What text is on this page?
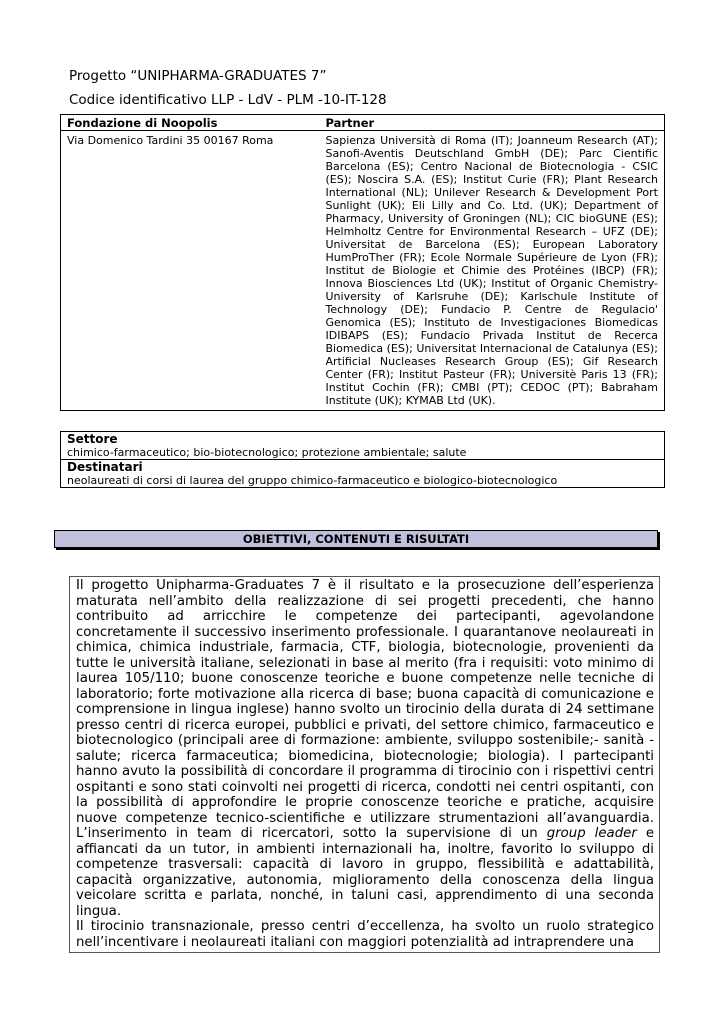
Progetto “UNIPHARMA-GRADUATES 7”
Codice identificativo LLP - LdV - PLM -10-IT-128
Fondazione di Noopolis	Partner
Via Domenico Tardini 35 00167 Roma	Sapienza Università di Roma (IT); Joanneum Research (AT); Sanofi-Aventis Deutschland GmbH (DE); Parc Cientific Barcelona (ES); Centro Nacional de Biotecnologia - CSIC (ES); Noscira S.A. (ES); Institut Curie (FR); Plant Research International (NL); Unilever Research & Development Port Sunlight (UK); Eli Lilly and Co. Ltd. (UK); Department of Pharmacy, University of Groningen (NL); CIC bioGUNE (ES); Helmholtz Centre for Environmental Research – UFZ (DE); Universitat de Barcelona (ES); European Laboratory HumProTher (FR); Ecole Normale Supérieure de Lyon (FR); Institut de Biologie et Chimie des Protéines (IBCP) (FR); Innova Biosciences Ltd (UK); Institut of Organic Chemistry-University of Karlsruhe (DE); Karlschule Institute of Technology (DE); Fundacio P. Centre de Regulacio' Genomica (ES); Instituto de Investigaciones Biomedicas IDIBAPS (ES); Fundacio Privada Institut de Recerca Biomedica (ES); Universitat Internacional de Catalunya (ES); Artificial Nucleases Research Group (ES); Gif Research Center (FR); Institut Pasteur (FR); Universitè Paris 13 (FR); Institut Cochin (FR); CMBI (PT); CEDOC (PT); Babraham Institute (UK); KYMAB Ltd (UK).
Settore
chimico-farmaceutico; bio-biotecnologico; protezione ambientale; salute
Destinatari
neolaureati di corsi di laurea del gruppo chimico-farmaceutico e biologico-biotecnologico
OBIETTIVI, CONTENUTI E RISULTATI

Il progetto Unipharma-Graduates 7 è il risultato e la prosecuzione dell’esperienza maturata nell’ambito della realizzazione di sei progetti precedenti, che hanno contribuito ad arricchire le competenze dei partecipanti, agevolandone concretamente il successivo inserimento professionale. I quarantanove neolaureati in chimica, chimica industriale, farmacia, CTF, biologia, biotecnologie, provenienti da tutte le università italiane, selezionati in base al merito (fra i requisiti: voto minimo di laurea 105/110; buone conoscenze teoriche e buone competenze nelle tecniche di laboratorio; forte motivazione alla ricerca di base; buona capacità di comunicazione e comprensione in lingua inglese) hanno svolto un tirocinio della durata di 24 settimane presso centri di ricerca europei, pubblici e privati, del settore chimico, farmaceutico e biotecnologico (principali aree di formazione: ambiente, sviluppo sostenibile;- sanità - salute; ricerca farmaceutica; biomedicina, biotecnologie; biologia). I partecipanti hanno avuto la possibilità di concordare il programma di tirocinio con i rispettivi centri ospitanti e sono stati coinvolti nei progetti di ricerca, condotti nei centri ospitanti, con la possibilità di approfondire le proprie conoscenze teoriche e pratiche, acquisire nuove competenze tecnico-scientifiche e utilizzare strumentazioni all’avanguardia. L’inserimento in team di ricercatori, sotto la supervisione di un group leader e affiancati da un tutor, in ambienti internazionali ha, inoltre, favorito lo sviluppo di competenze trasversali: capacità di lavoro in gruppo, flessibilità e adattabilità, capacità organizzative, autonomia, miglioramento della conoscenza della lingua veicolare scritta e parlata, nonché, in taluni casi, apprendimento di una seconda lingua.

Il tirocinio transnazionale, presso centri d’eccellenza, ha svolto un ruolo strategico nell’incentivare i neolaureati italiani con maggiori potenzialità ad intraprendere una
